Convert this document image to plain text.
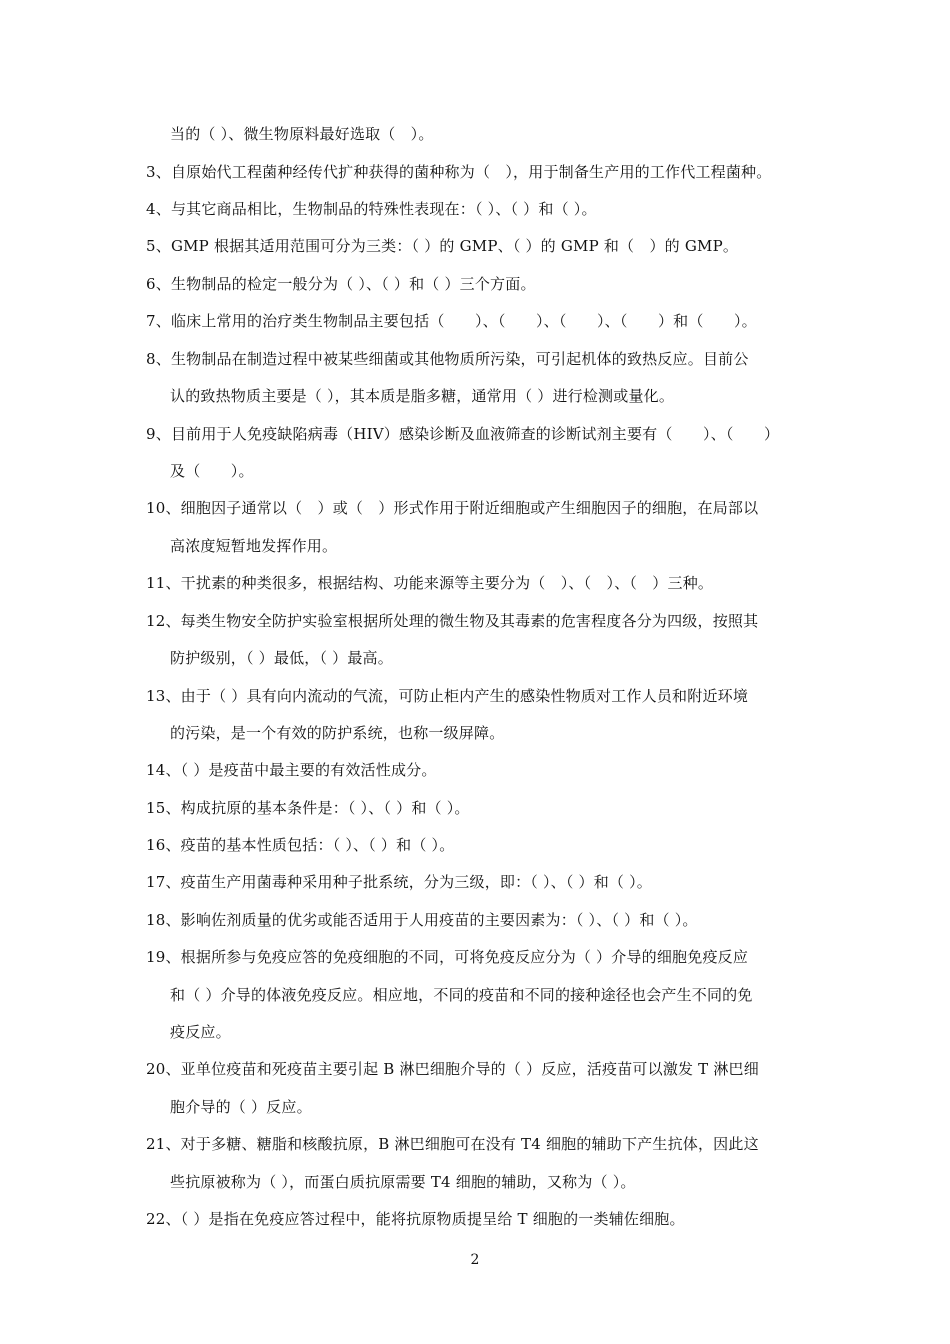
当的（ ）、微生物原料最好选取（　）。
3、自原始代工程菌种经传代扩种获得的菌种称为（　），用于制备生产用的工作代工程菌种。
4、与其它商品相比，生物制品的特殊性表现在：（ ）、（ ）和（ ）。
5、GMP 根据其适用范围可分为三类：（ ）的 GMP、（ ）的 GMP 和（　）的 GMP。
6、生物制品的检定一般分为（ ）、（ ）和（ ）三个方面。
7、临床上常用的治疗类生物制品主要包括（　　）、（　　）、（　　）、（　　）和（　　）。
8、生物制品在制造过程中被某些细菌或其他物质所污染，可引起机体的致热反应。目前公
认的致热物质主要是（ ），其本质是脂多糖，通常用（ ）进行检测或量化。
9、目前用于人免疫缺陷病毒（HIV）感染诊断及血液筛查的诊断试剂主要有（　　）、（　　）
及（　　）。
10、细胞因子通常以（　）或（　）形式作用于附近细胞或产生细胞因子的细胞，在局部以
高浓度短暂地发挥作用。
11、干扰素的种类很多，根据结构、功能来源等主要分为（　）、（　）、（　）三种。
12、每类生物安全防护实验室根据所处理的微生物及其毒素的危害程度各分为四级，按照其
防护级别，（ ）最低，（ ）最高。
13、由于（ ）具有向内流动的气流，可防止柜内产生的感染性物质对工作人员和附近环境
的污染，是一个有效的防护系统，也称一级屏障。
14、（ ）是疫苗中最主要的有效活性成分。
15、构成抗原的基本条件是：（ ）、（ ）和（ ）。
16、疫苗的基本性质包括：（ ）、（ ）和（ ）。
17、疫苗生产用菌毒种采用种子批系统，分为三级，即：（ ）、（ ）和（ ）。
18、影响佐剂质量的优劣或能否适用于人用疫苗的主要因素为：（ ）、（ ）和（ ）。
19、根据所参与免疫应答的免疫细胞的不同，可将免疫反应分为（ ）介导的细胞免疫反应
和（ ）介导的体液免疫反应。相应地，不同的疫苗和不同的接种途径也会产生不同的免
疫反应。
20、亚单位疫苗和死疫苗主要引起 B 淋巴细胞介导的（ ）反应，活疫苗可以激发 T 淋巴细
胞介导的（ ）反应。
21、对于多糖、糖脂和核酸抗原，B 淋巴细胞可在没有 T4 细胞的辅助下产生抗体，因此这
些抗原被称为（ ），而蛋白质抗原需要 T4 细胞的辅助，又称为（ ）。
22、（ ）是指在免疫应答过程中，能将抗原物质提呈给 T 细胞的一类辅佐细胞。
2
